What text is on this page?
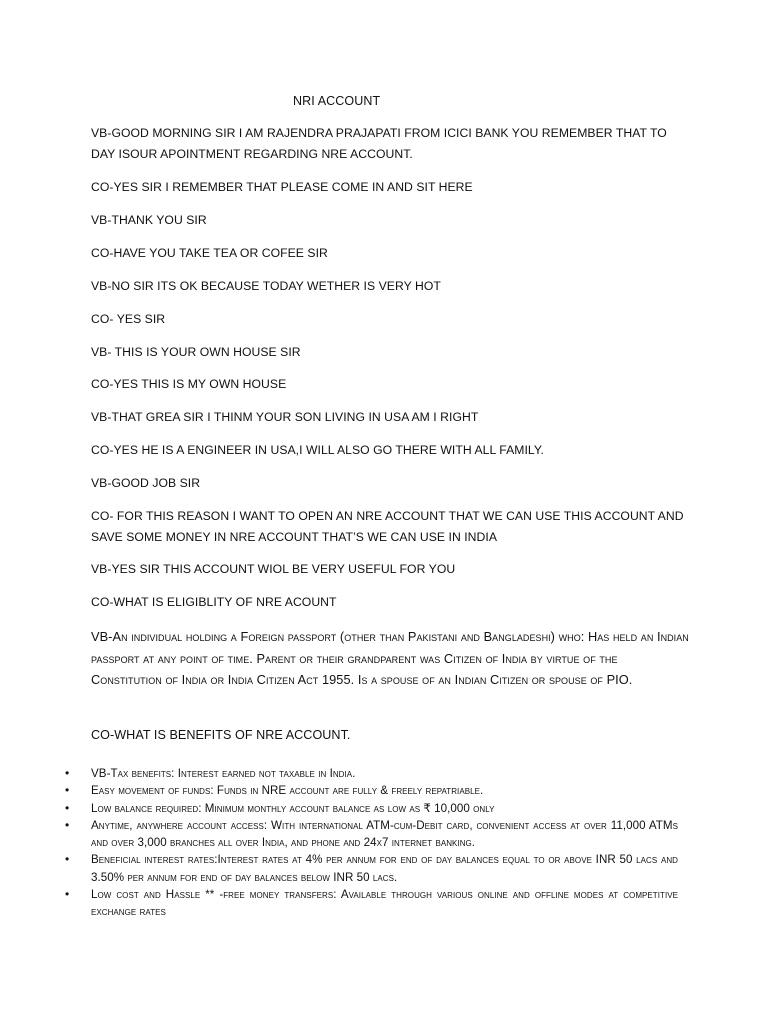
NRI ACCOUNT

VB-GOOD MORNING SIR I AM RAJENDRA PRAJAPATI FROM ICICI BANK YOU REMEMBER THAT TO DAY ISOUR APOINTMENT REGARDING NRE ACCOUNT.

CO-YES SIR I REMEMBER THAT PLEASE COME IN AND SIT HERE

VB-THANK YOU SIR

CO-HAVE YOU TAKE TEA OR COFEE SIR

VB-NO SIR ITS OK BECAUSE TODAY WETHER IS VERY HOT

CO- YES SIR

VB- THIS IS YOUR OWN HOUSE SIR

CO-YES THIS IS MY OWN HOUSE

VB-THAT GREA SIR I THINM YOUR SON LIVING IN USA AM I RIGHT

CO-YES HE IS A ENGINEER IN USA,I WILL ALSO GO THERE WITH ALL FAMILY.

VB-GOOD JOB SIR

CO- FOR THIS REASON I WANT TO OPEN AN NRE ACCOUNT THAT WE CAN USE THIS ACCOUNT AND SAVE SOME MONEY IN NRE ACCOUNT THAT’S WE CAN USE IN INDIA

VB-YES SIR THIS ACCOUNT WIOL BE VERY USEFUL FOR YOU

CO-WHAT IS ELIGIBLITY OF NRE ACOUNT

VB-An individual holding a Foreign passport (other than Pakistani and Bangladeshi) who: Has held an Indian passport at any point of time. Parent or their grandparent was Citizen of India by virtue of the Constitution of India or India Citizen Act 1955. Is a spouse of an Indian Citizen or spouse of PIO.

CO-WHAT IS BENEFITS OF NRE ACCOUNT.

• VB-Tax benefits: Interest earned not taxable in India.
• Easy movement of funds: Funds in NRE account are fully & freely repatriable.
• Low balance required: Minimum monthly account balance as low as ₹ 10,000 only
• Anytime, anywhere account access: With international ATM-cum-Debit card, convenient access at over 11,000 ATMs and over 3,000 branches all over India, and phone and 24x7 internet banking.
• Beneficial interest rates:Interest rates at 4% per annum for end of day balances equal to or above INR 50 lacs and 3.50% per annum for end of day balances below INR 50 lacs.
• Low cost and Hassle ** -free money transfers: Available through various online and offline modes at competitive exchange rates
